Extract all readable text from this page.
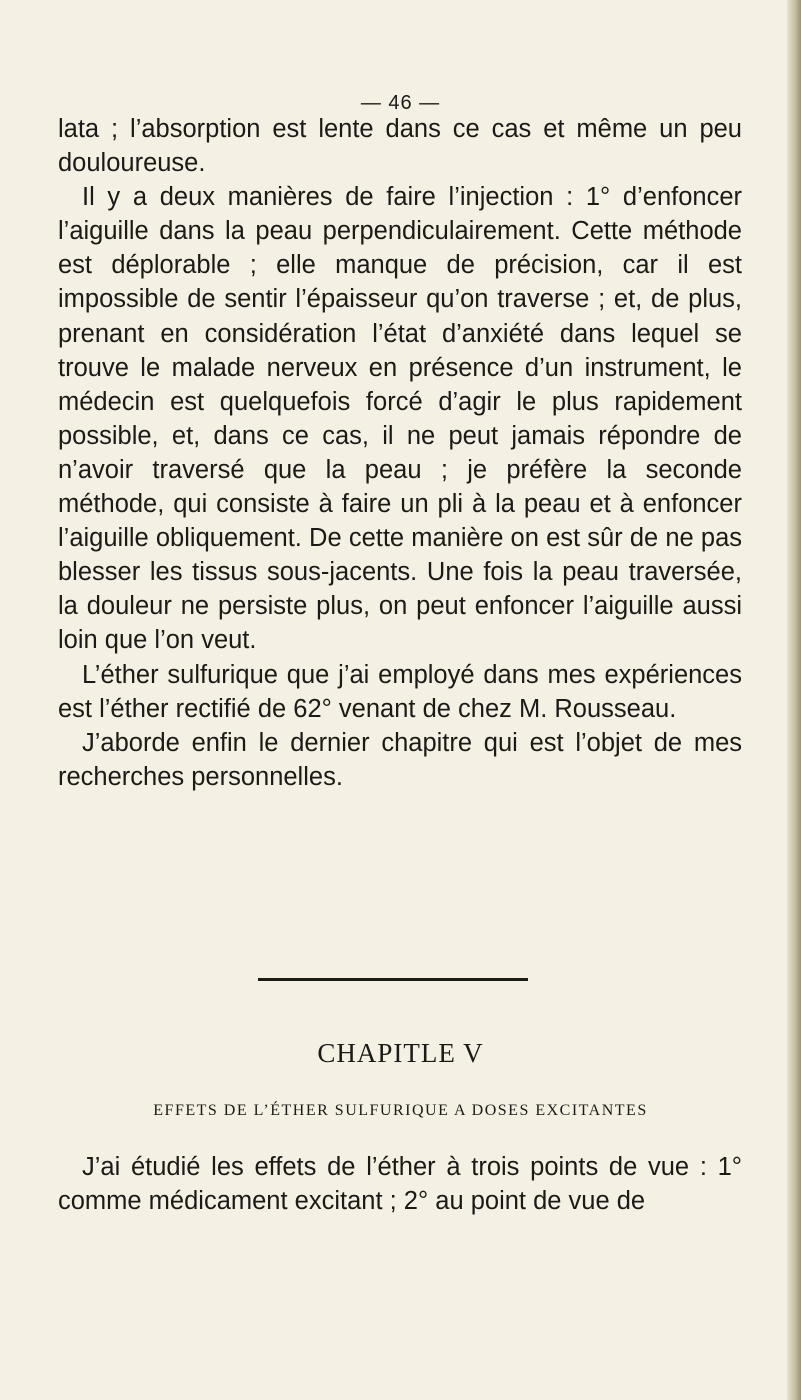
— 46 —

lata ; l’absorption est lente dans ce cas et même un peu douloureuse.

Il y a deux manières de faire l’injection : 1° d’enfoncer l’aiguille dans la peau perpendiculairement. Cette méthode est déplorable ; elle manque de précision, car il est impossible de sentir l’épaisseur qu’on traverse ; et, de plus, prenant en considération l’état d’anxiété dans lequel se trouve le malade nerveux en présence d’un instrument, le médecin est quelquefois forcé d’agir le plus rapidement possible, et, dans ce cas, il ne peut jamais répondre de n’avoir traversé que la peau ; je préfère la seconde méthode, qui consiste à faire un pli à la peau et à enfoncer l’aiguille obliquement. De cette manière on est sûr de ne pas blesser les tissus sous-jacents. Une fois la peau traversée, la douleur ne persiste plus, on peut enfoncer l’aiguille aussi loin que l’on veut.

L’éther sulfurique que j’ai employé dans mes expériences est l’éther rectifié de 62° venant de chez M. Rousseau.

J’aborde enfin le dernier chapitre qui est l’objet de mes recherches personnelles.

CHAPITLE V
EFFETS DE L’ÉTHER SULFURIQUE A DOSES EXCITANTES

J’ai étudié les effets de l’éther à trois points de vue : 1° comme médicament excitant ; 2° au point de vue de
